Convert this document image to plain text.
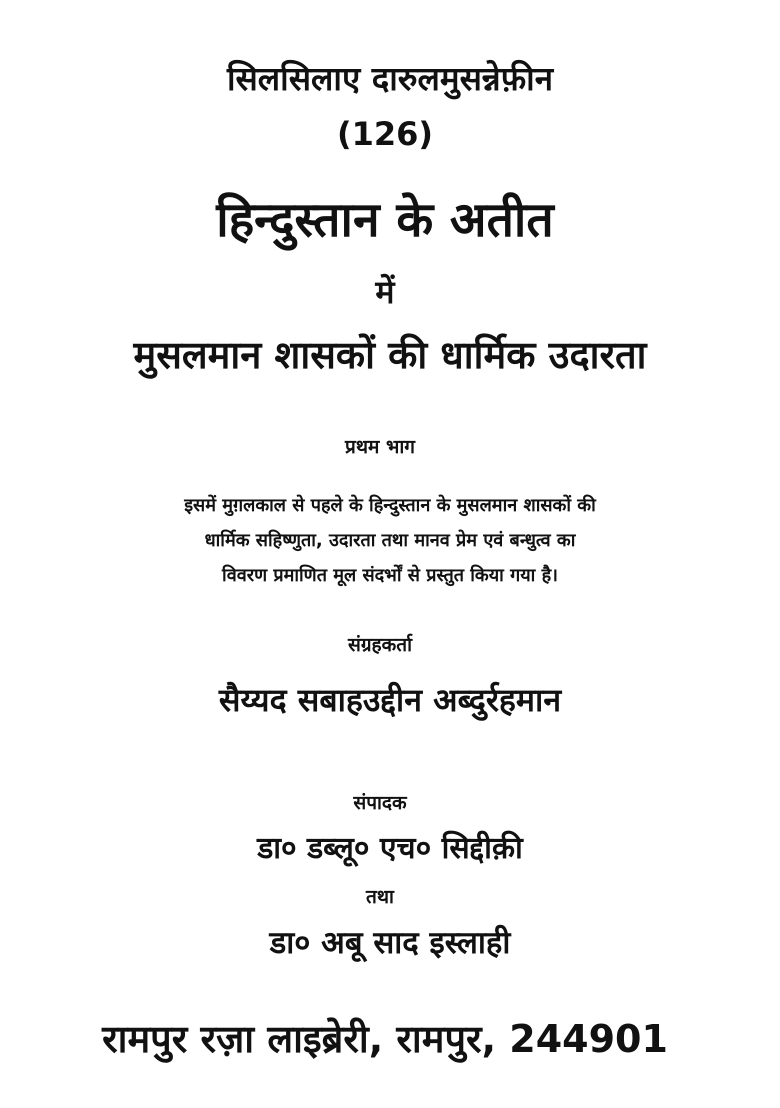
सिलसिलाए दारुलमुसन्नेफ़ीन
(126)
हिन्दुस्तान के अतीत
में
मुसलमान शासकों की धार्मिक उदारता
प्रथम भाग
इसमें मुग़लकाल से पहले के हिन्दुस्तान के मुसलमान शासकों की
धार्मिक सहिष्णुता, उदारता तथा मानव प्रेम एवं बन्धुत्व का
विवरण प्रमाणित मूल संदर्भों से प्रस्तुत किया गया है।
संग्रहकर्ता
सैय्यद सबाहउद्दीन अब्दुर्रहमान
संपादक
डा० डब्लू० एच० सिद्दीक़ी
तथा
डा० अबू साद इस्लाही
रामपुर रज़ा लाइब्रेरी, रामपुर, 244901
